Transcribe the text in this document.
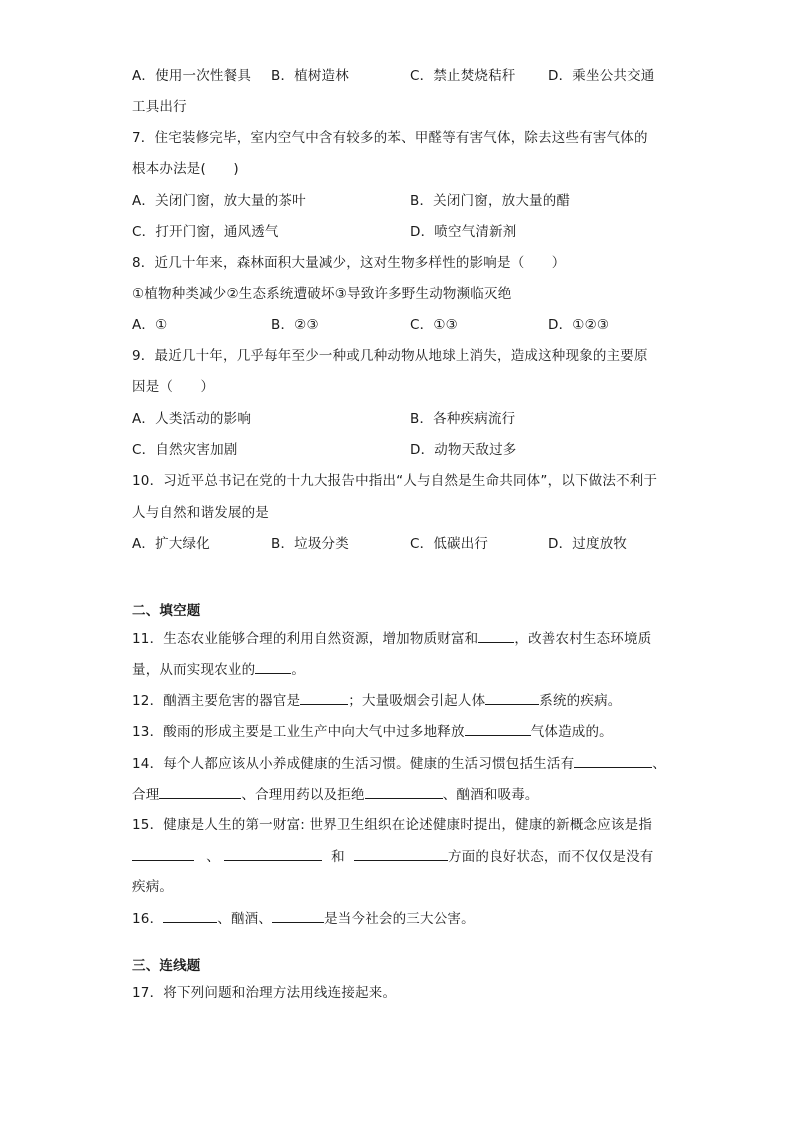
A．使用一次性餐具 B．植树造林	C．禁止焚烧秸秆 D．乘坐公共交通
工具出行
7．住宅装修完毕，室内空气中含有较多的苯、甲醛等有害气体，除去这些有害气体的
根本办法是(　　)
A．关闭门窗，放大量的茶叶	B．关闭门窗，放大量的醋
C．打开门窗，通风透气	D．喷空气清新剂
8．近几十年来，森林面积大量减少，这对生物多样性的影响是（　　）
①植物种类减少②生态系统遭破坏③导致许多野生动物濒临灭绝
A．①	B．②③	C．①③	D．①②③
9．最近几十年，几乎每年至少一种或几种动物从地球上消失，造成这种现象的主要原
因是（　　）
A．人类活动的影响	B．各种疾病流行
C．自然灾害加剧	D．动物天敌过多
10．习近平总书记在党的十九大报告中指出“人与自然是生命共同体”，以下做法不利于
人与自然和谐发展的是
A．扩大绿化	B．垃圾分类	C．低碳出行	D．过度放牧
二、填空题
11．生态农业能够合理的利用自然资源，增加物质财富和	，改善农村生态环境质
量，从而实现农业的	。
12．酗酒主要危害的器官是	；大量吸烟会引起人体	系统的疾病。
13．酸雨的形成主要是工业生产中向大气中过多地释放	气体造成的。
14．每个人都应该从小养成健康的生活习惯。健康的生活习惯包括生活有	、
合理	、合理用药以及拒绝	、酗酒和吸毒。
15．健康是人生的第一财富: 世界卫生组织在论述健康时提出，健康的新概念应该是指
、	和	方面的良好状态，而不仅仅是没有
疾病。
16．	、酗酒、	是当今社会的三大公害。
三、连线题
17．将下列问题和治理方法用线连接起来。
